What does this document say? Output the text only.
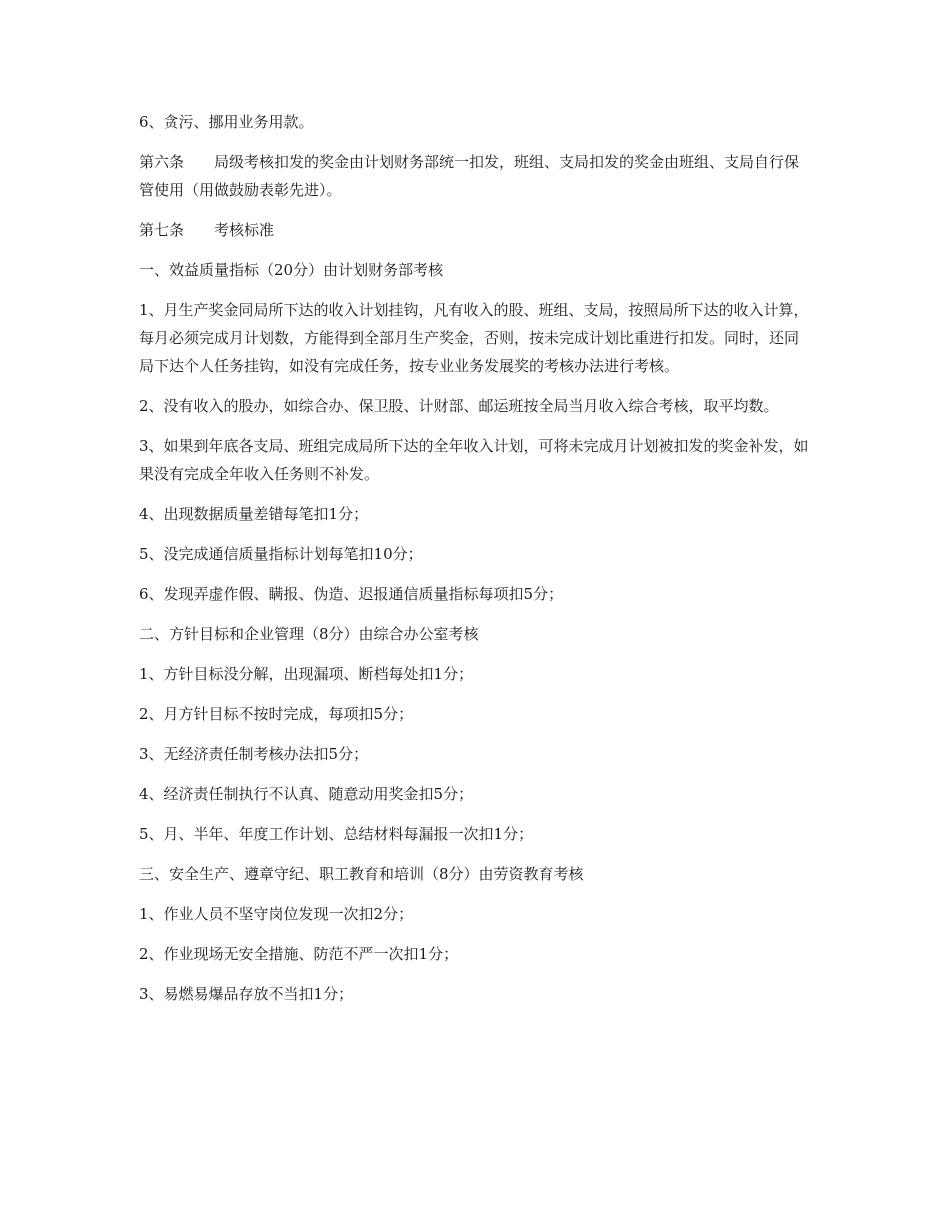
6、贪污、挪用业务用款。

第六条　　局级考核扣发的奖金由计划财务部统一扣发，班组、支局扣发的奖金由班组、支局自行保管使用（用做鼓励表彰先进）。

第七条　　考核标准

一、效益质量指标（20分）由计划财务部考核

1、月生产奖金同局所下达的收入计划挂钩，凡有收入的股、班组、支局，按照局所下达的收入计算，每月必须完成月计划数，方能得到全部月生产奖金，否则，按未完成计划比重进行扣发。同时，还同局下达个人任务挂钩，如没有完成任务，按专业业务发展奖的考核办法进行考核。

2、没有收入的股办，如综合办、保卫股、计财部、邮运班按全局当月收入综合考核，取平均数。

3、如果到年底各支局、班组完成局所下达的全年收入计划，可将未完成月计划被扣发的奖金补发，如果没有完成全年收入任务则不补发。

4、出现数据质量差错每笔扣1分；

5、没完成通信质量指标计划每笔扣10分；

6、发现弄虚作假、瞒报、伪造、迟报通信质量指标每项扣5分；

二、方针目标和企业管理（8分）由综合办公室考核

1、方针目标没分解，出现漏项、断档每处扣1分；

2、月方针目标不按时完成，每项扣5分；

3、无经济责任制考核办法扣5分；

4、经济责任制执行不认真、随意动用奖金扣5分；

5、月、半年、年度工作计划、总结材料每漏报一次扣1分；

三、安全生产、遵章守纪、职工教育和培训（8分）由劳资教育考核

1、作业人员不坚守岗位发现一次扣2分；

2、作业现场无安全措施、防范不严一次扣1分；

3、易燃易爆品存放不当扣1分；
